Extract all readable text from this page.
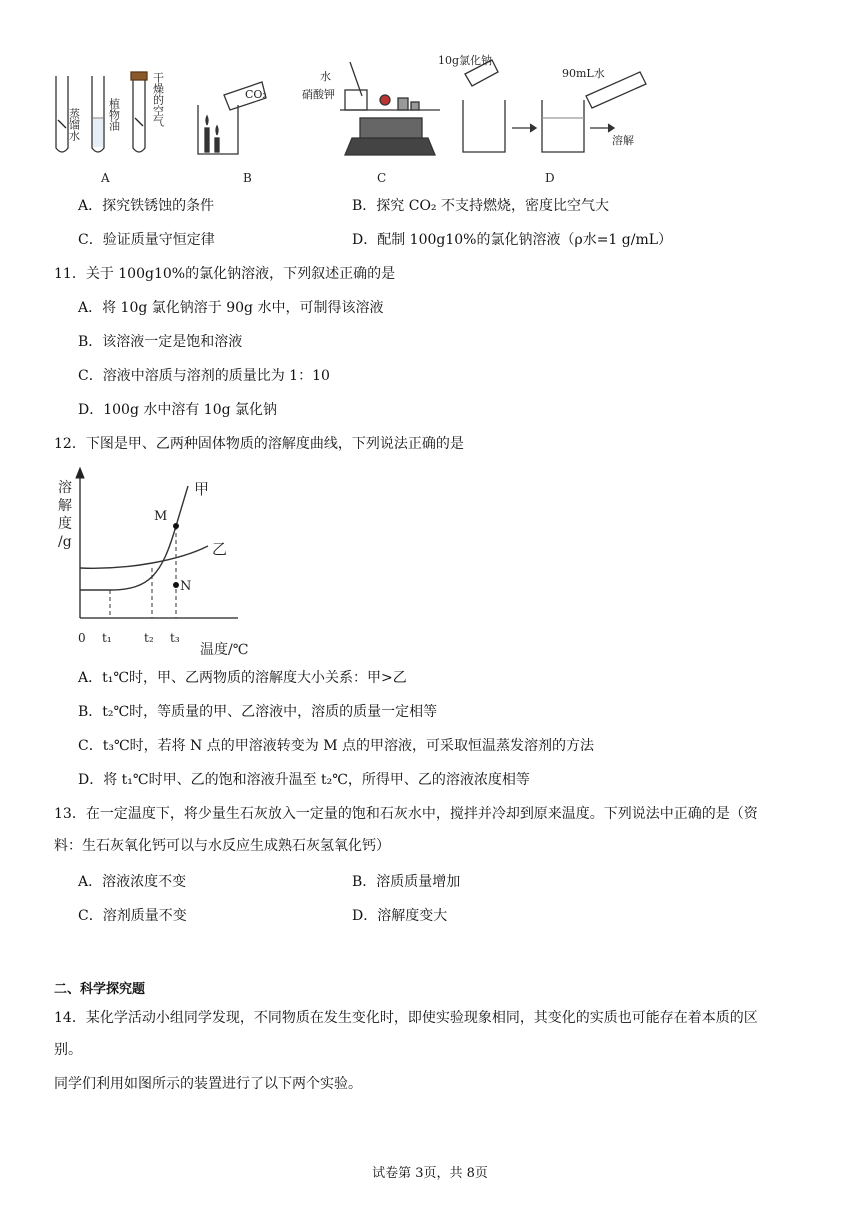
蒸馏水 植物油	干燥的空气	CO₂
水
硝酸钾
10g氯化钠
90mL水
溶解
A	B	C	D
A．探究铁锈蚀的条件	B．探究 CO₂ 不支持燃烧，密度比空气大
C．验证质量守恒定律	D．配制 100g10%的氯化钠溶液（ρ水=1 g/mL）
11．关于 100g10%的氯化钠溶液，下列叙述正确的是
A．将 10g 氯化钠溶于 90g 水中，可制得该溶液
B．该溶液一定是饱和溶液
C．溶液中溶质与溶剂的质量比为 1：10
D．100g 水中溶有 10g 氯化钠
12．下图是甲、乙两种固体物质的溶解度曲线，下列说法正确的是
溶
解
度
/g
M
N
甲
乙
0 t₁	t₂ t₃
温度/℃
A．t₁℃时，甲、乙两物质的溶解度大小关系：甲>乙
B．t₂℃时，等质量的甲、乙溶液中，溶质的质量一定相等
C．t₃℃时，若将 N 点的甲溶液转变为 M 点的甲溶液，可采取恒温蒸发溶剂的方法
D．将 t₁℃时甲、乙的饱和溶液升温至 t₂℃，所得甲、乙的溶液浓度相等
13．在一定温度下，将少量生石灰放入一定量的饱和石灰水中，搅拌并冷却到原来温度。下列说法中正确的是（资
料：生石灰氧化钙可以与水反应生成熟石灰氢氧化钙）
A．溶液浓度不变	B．溶质质量增加
C．溶剂质量不变	D．溶解度变大
二、科学探究题
14．某化学活动小组同学发现，不同物质在发生变化时，即使实验现象相同，其变化的实质也可能存在着本质的区
别。
同学们利用如图所示的装置进行了以下两个实验。
试卷第 3页，共 8页
